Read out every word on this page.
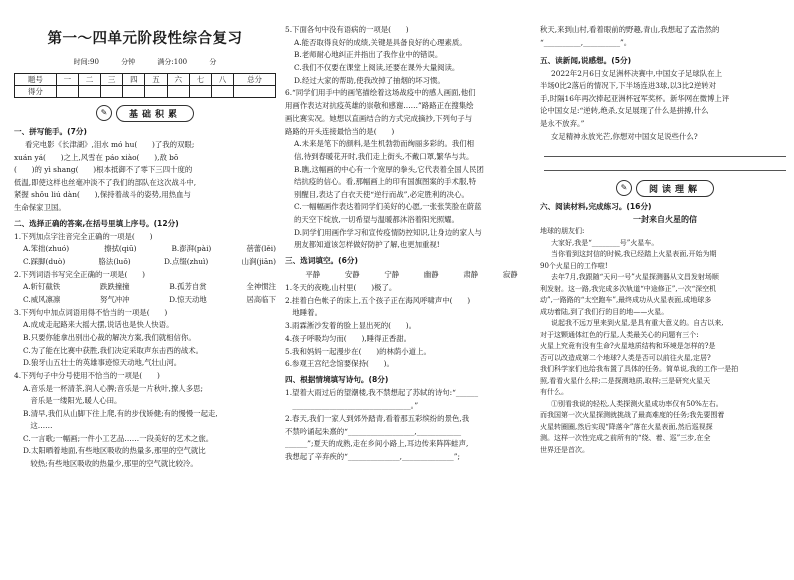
第一～四单元阶段性综合复习
时间:90 分钟	满分:100 分
题号	一	二	三	四	五	六	七	八	总分
得分									
✎	基础积累
一、拼写能手。(7分)

看完电影《长津湖》,泪水 mó hu(　　)了我的双眼;

xuán yá(　　)之上,风雪在 páo xiào(　　),敌 bō

(　　)的 yì shang(　　)根本抵御不了零下三四十度的

低温,即使这样也丝毫冲淡不了我们的部队在这次战斗中,

紧握 shǒu liú dàn(　　),保持着战斗的姿势,用热血与

生命保家卫国。

二、选择正确的答案,在括号里填上序号。(12分)

1.下列加点字注音完全正确的一项是(　　)

A.笨拙(zhuó)	擦拭(qiū)	B.澎湃(pài)	蓓蕾(lěi)
C.踩脚(duò)	胳法(luǒ)	D.点缀(zhuì)	山涧(jiān)

2.下列词语书写完全正确的一项是(　　)

A.斩钉截铁	跌跌撞撞	B.孤芳自赏	全神惯注
C.威风凛凛	努气冲冲	D.惊天动地	居高临下

3.下列句中加点词语用得不恰当的一项是(　　)

A.成成走起路来大摇大摆,说话也是快人快语。

B.只要你能拿出别出心裁的解决方案,我们就相信你。

C.为了能在比赛中获胜,我们决定采取声东击西的战术。

D.狼牙山五壮士的英雄事迹惊天动地,气壮山河。

4.下列句子中分号使用不恰当的一项是(　　)

A.音乐是一杯清茶,润人心脾;音乐是一片秋叶,撩人多思;

　音乐是一缕阳光,暖人心田。

B.清早,我们从山脚下往上爬,有的步伐矫健;有的慢慢一起走,

　这……

C.一言歌;一幅画;一件小工艺品……一段美好的艺术之旅。

D.太阳晒着地面,有些地区吸收的热量多,那里的空气就比

　较热;有些地区吸收的热量少,那里的空气就比较冷。

5.下面各句中没有语病的一项是(　　)

A.能否取得良好的成绩,关键是具备良好的心理素质。

B.老师耐心地纠正并指出了我作业中的错误。

C.我们不仅要在课堂上阅读,还要在课外大量阅读。

D.经过大家的帮助,使我改掉了抽烟的坏习惯。

6.“同学们用手中的画笔描绘着这场战疫中的感人画面,他们

用画作表达对抗疫英雄的崇敬和感谢……”路路正在搜集绘

画比赛实况。她想以直画结合的方式完成摘抄,下列句子与

路路的开头连接最恰当的是(　　)

A.未来是笔下的颜料,是生机勃勃而绚丽多彩的。我们相

信,待到春暖花开时,我们走上街头,不戴口罩,繁华与共。

B.瞧,这幅画的中心有一个宽厚的拳头,它代表着全国人民团

结抗疫的信心。看,那幅画上的印有国旗图案的手术服,特

别醒目,表达了白衣天使“逆行而战”,必定胜利的决心。

C.一幅幅画作表达着同学们美好的心愿,一张张笑脸在蔚蓝

的天空下绽放,一切希望与温暖都沐浴着阳光照耀。

D.同学们用画作学习和宣传疫情防控知识,让身边的家人与

朋友都知道该怎样做好防护了解,也更加重视!

三、选词填空。(6分)
平静	安静	宁静	幽静	肃静	寂静

1.冬天的夜晚,山村里(　　)极了。

2.挂着白色帐子的床上,五个孩子正在海风呼啸声中(　　)

　地睡着。

3.雨霖淅沙发着的脸上显出死的(　　)。

4.孩子呼吸均匀而(　　),睡得正香甜。

5.我和妈妈一起漫步在(　　)的林荫小道上。

6.参观王宫纪念馆要保持(　　)。

四、根据情境填写诗句。(8分)

1.望着大雨过后的望潮楼,我不禁想起了苏轼的诗句:“______

　________________________________。”

2.春天,我们一家人到郊外踏青,看着那五彩缤纷的景色,我

不禁吟诵起朱熹的“__________________,____________

______”;夏天的成熟,走在乡间小路上,耳边传来阵阵蛙声,

我想起了辛弃疾的“______________,______________”;

秋天,来到山村,看着眼前的野趣,青山,我想起了孟浩然的

“__________,__________”。

五、读新闻,说感想。(5分)

2022年2月6日女足洲杯决赛中,中国女子足球队在上

半场0比2落后的情况下,下半场连进3球,以3比2逆转对

手,时隔16年再次捧起亚洲杯冠军奖杯。新华网在微博上评

论中国女足:“逆转,绝杀,女足展现了什么是拼搏,什么

是永不放弃。”

女足精神永放光芒,你想对中国女足说些什么?

✎	阅读理解
六、阅读材料,完成练习。(16分)
一封来自火星的信

地球的朋友们:

大家好,我是“________号”火星车。

当你看到这封信的时候,我已经踏上火星表面,开始为期

90个火星日的工作啦!

去年7月,我跟随“天问一号”火星探测器从文昌发射场顺

利发射。这一路,我完成多次轨道“中途修正”,一次“深空机

动”,一路路的“太空跑车”,最终成功从火星表面,成地球多

成功着陆,到了我们行的目的地——火星。

说起我不远万里来到火星,是具有重大意义的。自古以来,

对于这颗通体红色的行星,人类最关心的问题有三个:

火星上究竟有没有生命?火星地质结构和环境是怎样的?是

否可以改造成第二个地球?人类是否可以前往火星,定居?

我们科学家们也给我布置了具体的任务。简单说,我的工作一是拍

照,看看火星什么样;二是探测地质,取样;三是研究火星天

有什么。

①别看我说的轻松,人类探测火星成功率仅有50%左右。

而我国第一次火星探测就挑战了最高难度的任务;我先要围着

火星转圈圈,然后实现“降落伞”落在火星表面,然后巡视探

测。这样一次性完成之前所有的“绕、着、巡”三步,在全

世界还是首次。
